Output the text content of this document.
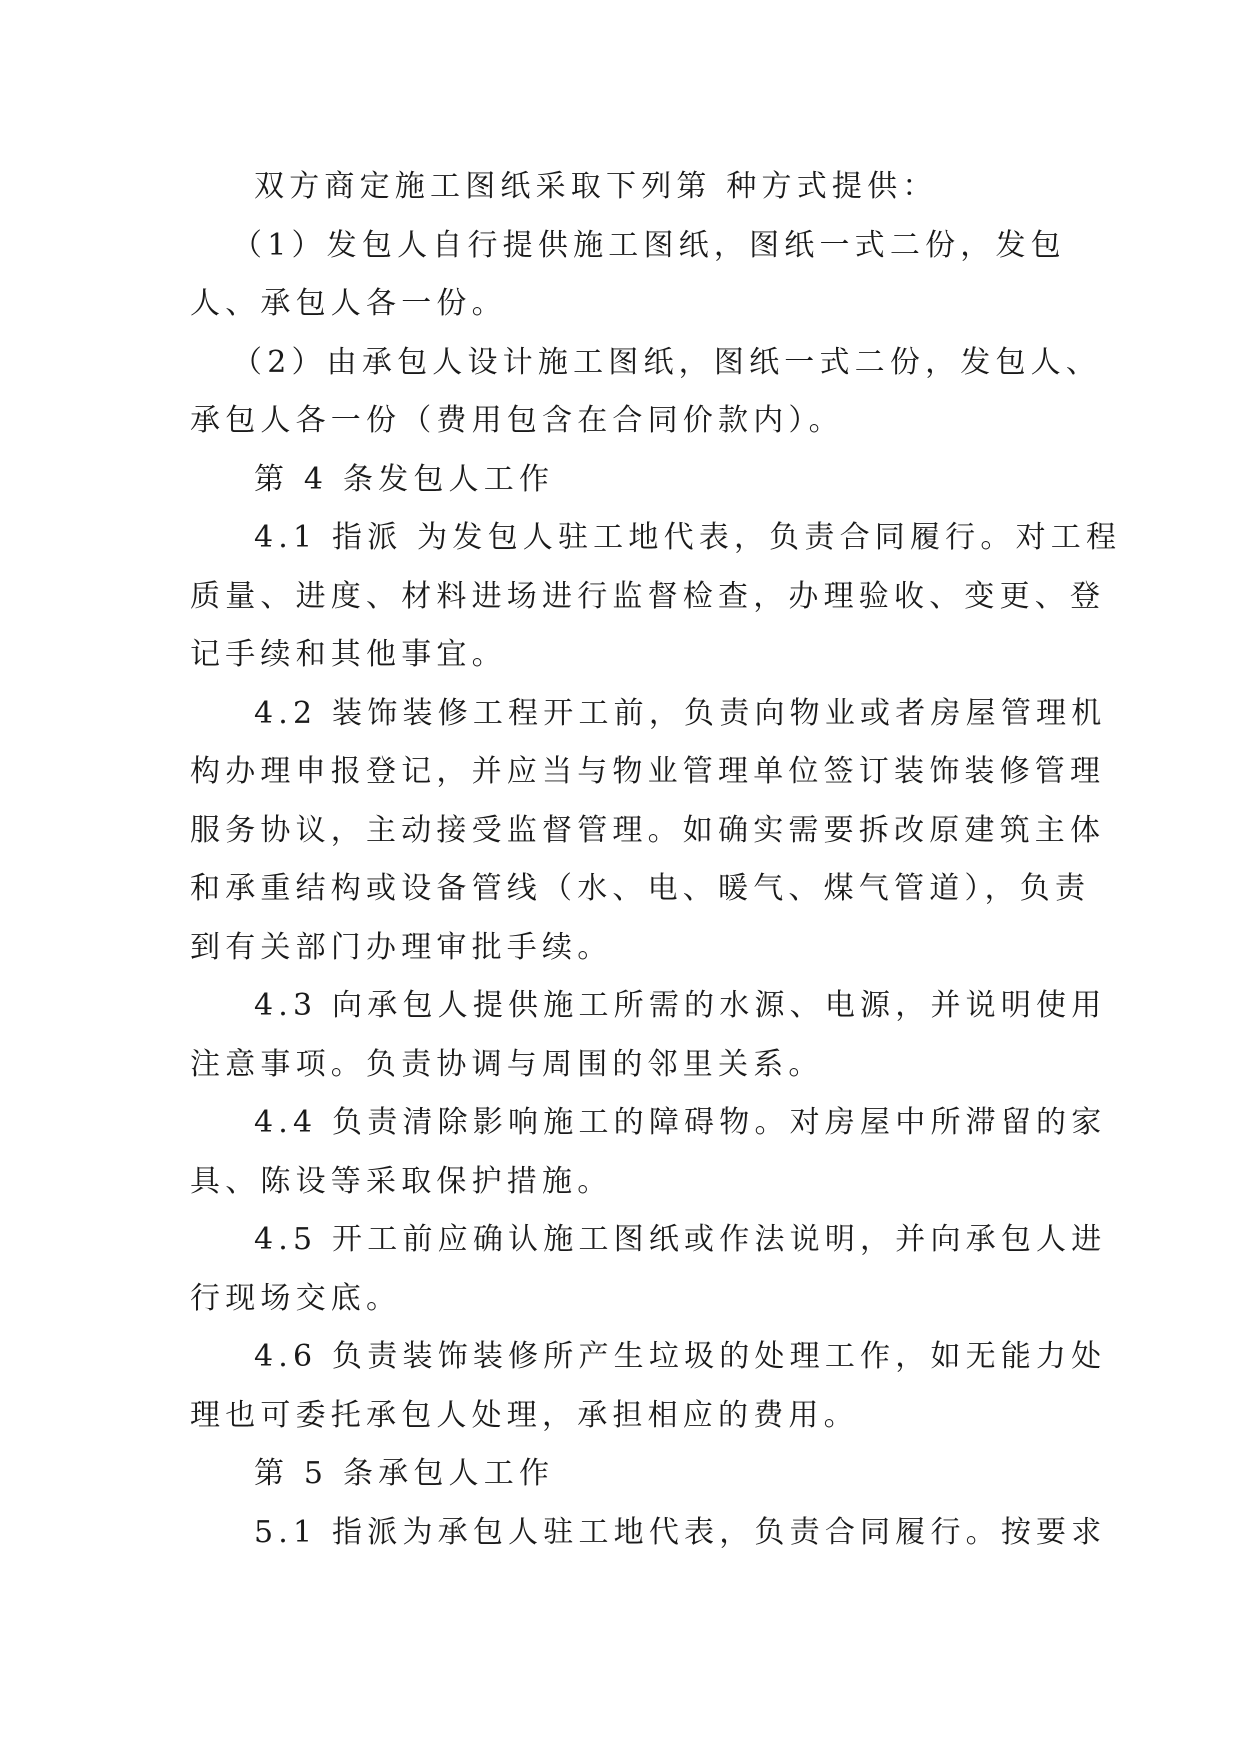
双方商定施工图纸采取下列第 种方式提供：
（1）发包人自行提供施工图纸，图纸一式二份，发包
人、承包人各一份。
（2）由承包人设计施工图纸，图纸一式二份，发包人、
承包人各一份（费用包含在合同价款内）。
第 4 条发包人工作
4.1 指派 为发包人驻工地代表，负责合同履行。对工程
质量、进度、材料进场进行监督检查，办理验收、变更、登
记手续和其他事宜。
4.2 装饰装修工程开工前，负责向物业或者房屋管理机
构办理申报登记，并应当与物业管理单位签订装饰装修管理
服务协议，主动接受监督管理。如确实需要拆改原建筑主体
和承重结构或设备管线（水、电、暖气、煤气管道），负责
到有关部门办理审批手续。
4.3 向承包人提供施工所需的水源、电源，并说明使用
注意事项。负责协调与周围的邻里关系。
4.4 负责清除影响施工的障碍物。对房屋中所滞留的家
具、陈设等采取保护措施。
4.5 开工前应确认施工图纸或作法说明，并向承包人进
行现场交底。
4.6 负责装饰装修所产生垃圾的处理工作，如无能力处
理也可委托承包人处理，承担相应的费用。
第 5 条承包人工作
5.1 指派为承包人驻工地代表，负责合同履行。按要求
